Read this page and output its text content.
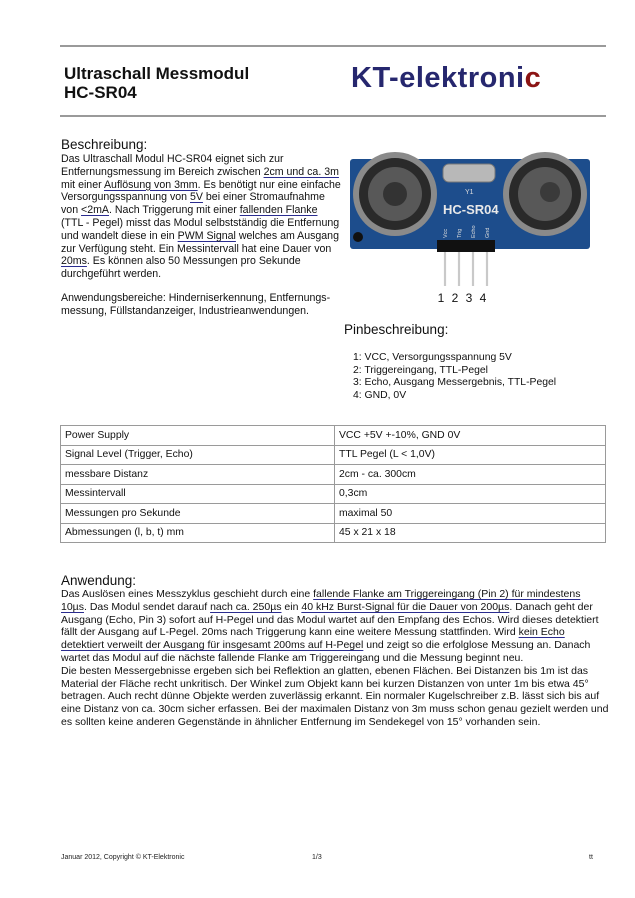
Ultraschall Messmodul
HC-SR04	KT-elektronic
Beschreibung:
Das Ultraschall Modul HC-SR04 eignet sich zur Entfernungsmessung im Bereich zwischen 2cm und ca. 3m mit einer Auflösung von 3mm. Es benötigt nur eine einfache Versorgungsspannung von 5V bei einer Stromaufnahme von <2mA. Nach Triggerung mit einer fallenden Flanke (TTL - Pegel) misst das Modul selbstständig die Entfernung und wandelt diese in ein PWM Signal welches am Ausgang zur Verfügung steht. Ein Messintervall hat eine Dauer von 20ms. Es können also 50 Messungen pro Sekunde durchgeführt werden.
Anwendungsbereiche: Hinderniserkennung, Entfernungs-messung, Füllstandanzeiger, Industrieanwendungen.
Y1
HC-SR04
Vcc Trig Echo Gnd
1 2 3 4
Pinbeschreibung:
1: VCC, Versorgungsspannung 5V
2: Triggereingang, TTL-Pegel
3: Echo, Ausgang Messergebnis, TTL-Pegel
4: GND, 0V
Power Supply	VCC +5V +-10%, GND 0V
Signal Level (Trigger, Echo)	TTL Pegel (L < 1,0V)
messbare Distanz	2cm - ca. 300cm
Messintervall	0,3cm
Messungen pro Sekunde	maximal 50
Abmessungen (l, b, t) mm	45 x 21 x 18
Anwendung:
Das Auslösen eines Messzyklus geschieht durch eine fallende Flanke am Triggereingang (Pin 2) für mindestens 10µs. Das Modul sendet darauf nach ca. 250µs ein 40 kHz Burst-Signal für die Dauer von 200µs. Danach geht der Ausgang (Echo, Pin 3) sofort auf H-Pegel und das Modul wartet auf den Empfang des Echos. Wird dieses detektiert fällt der Ausgang auf L-Pegel. 20ms nach Triggerung kann eine weitere Messung stattfinden. Wird kein Echo detektiert verweilt der Ausgang für insgesamt 200ms auf H-Pegel und zeigt so die erfolglose Messung an. Danach wartet das Modul auf die nächste fallende Flanke am Triggereingang und die Messung beginnt neu.
Die besten Messergebnisse ergeben sich bei Reflektion an glatten, ebenen Flächen. Bei Distanzen bis 1m ist das Material der Fläche recht unkritisch. Der Winkel zum Objekt kann bei kurzen Distanzen von unter 1m bis etwa 45° betragen. Auch recht dünne Objekte werden zuverlässig erkannt. Ein normaler Kugelschreiber z.B. lässt sich bis auf eine Distanz von ca. 30cm sicher erfassen. Bei der maximalen Distanz von 3m muss schon genau gezielt werden und es sollten keine anderen Gegenstände in ähnlicher Entfernung im Sendekegel von 15° vorhanden sein.
Januar 2012, Copyright © KT-Elektronic	1/3	tt
